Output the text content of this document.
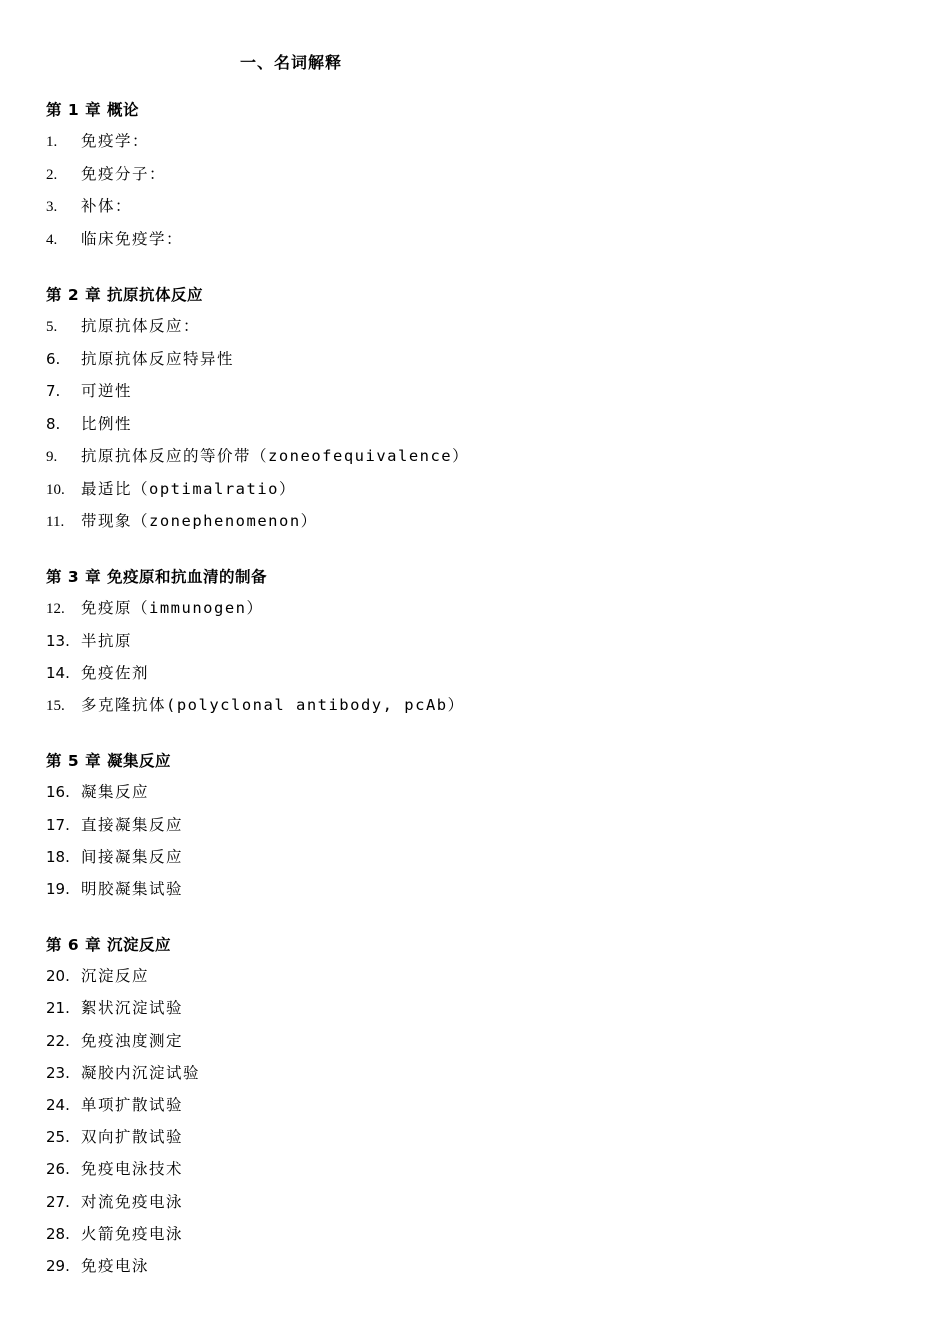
一、名词解释
第 1 章 概论
1. 免疫学：
2. 免疫分子：
3. 补体：
4. 临床免疫学：
第 2 章 抗原抗体反应
5. 抗原抗体反应：
6. 抗原抗体反应特异性
7. 可逆性
8. 比例性
9. 抗原抗体反应的等价带（zoneofequivalence）
10. 最适比（optimalratio）
11. 带现象（zonephenomenon）
第 3 章 免疫原和抗血清的制备
12. 免疫原（immunogen）
13. 半抗原
14. 免疫佐剂
15. 多克隆抗体(polyclonal antibody, pcAb）
第 5 章 凝集反应
16. 凝集反应
17. 直接凝集反应
18. 间接凝集反应
19. 明胶凝集试验
第 6 章 沉淀反应
20. 沉淀反应
21. 絮状沉淀试验
22. 免疫浊度测定
23. 凝胶内沉淀试验
24. 单项扩散试验
25. 双向扩散试验
26. 免疫电泳技术
27. 对流免疫电泳
28. 火箭免疫电泳
29. 免疫电泳
